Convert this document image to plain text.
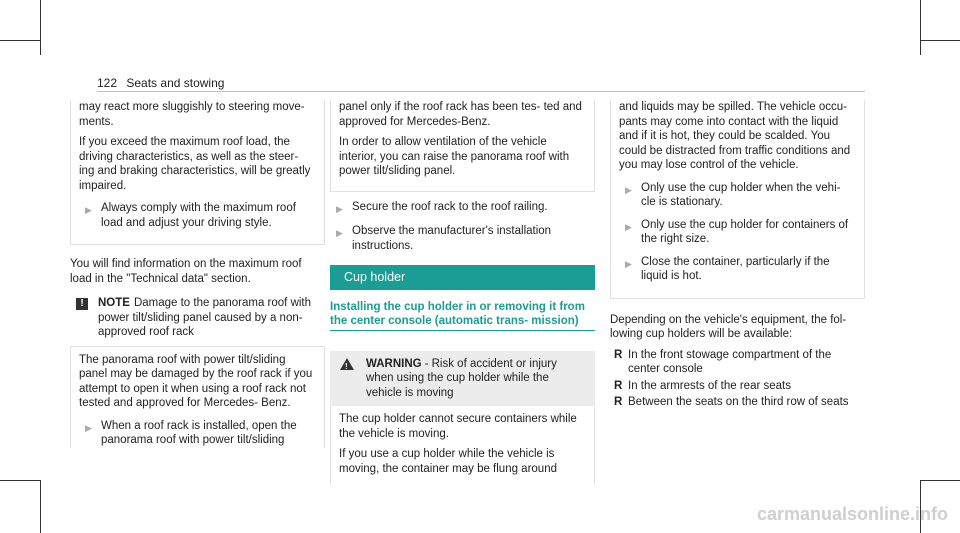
122 Seats and stowing

may react more sluggishly to steering move- ments.

If you exceed the maximum roof load, the driving characteristics, as well as the steer- ing and braking characteristics, will be greatly impaired.

▶ Always comply with the maximum roof load and adjust your driving style.

You will find information on the maximum roof load in the "Technical data" section.

!	NOTE Damage to the panorama roof with power tilt/sliding panel caused by a non- approved roof rack

The panorama roof with power tilt/sliding panel may be damaged by the roof rack if you attempt to open it when using a roof rack not tested and approved for Mercedes- Benz.

▶ When a roof rack is installed, open the panorama roof with power tilt/sliding

panel only if the roof rack has been tes- ted and approved for Mercedes-Benz.

In order to allow ventilation of the vehicle interior, you can raise the panorama roof with power tilt/sliding panel.

▶ Secure the roof rack to the roof railing.
▶ Observe the manufacturer's installation instructions.
Cup holder
Installing the cup holder in or removing it from the center console (automatic trans- mission)
! WARNING - Risk of accident or injury when using the cup holder while the vehicle is moving

The cup holder cannot secure containers while the vehicle is moving.

If you use a cup holder while the vehicle is moving, the container may be flung around

and liquids may be spilled. The vehicle occu- pants may come into contact with the liquid and if it is hot, they could be scalded. You could be distracted from traffic conditions and you may lose control of the vehicle.

▶ Only use the cup holder when the vehi- cle is stationary.
▶ Only use the cup holder for containers of the right size.
▶ Close the container, particularly if the liquid is hot.

Depending on the vehicle's equipment, the fol- lowing cup holders will be available:

R In the front stowage compartment of the center console
R In the armrests of the rear seats
R Between the seats on the third row of seats
carmanualsonline.info
